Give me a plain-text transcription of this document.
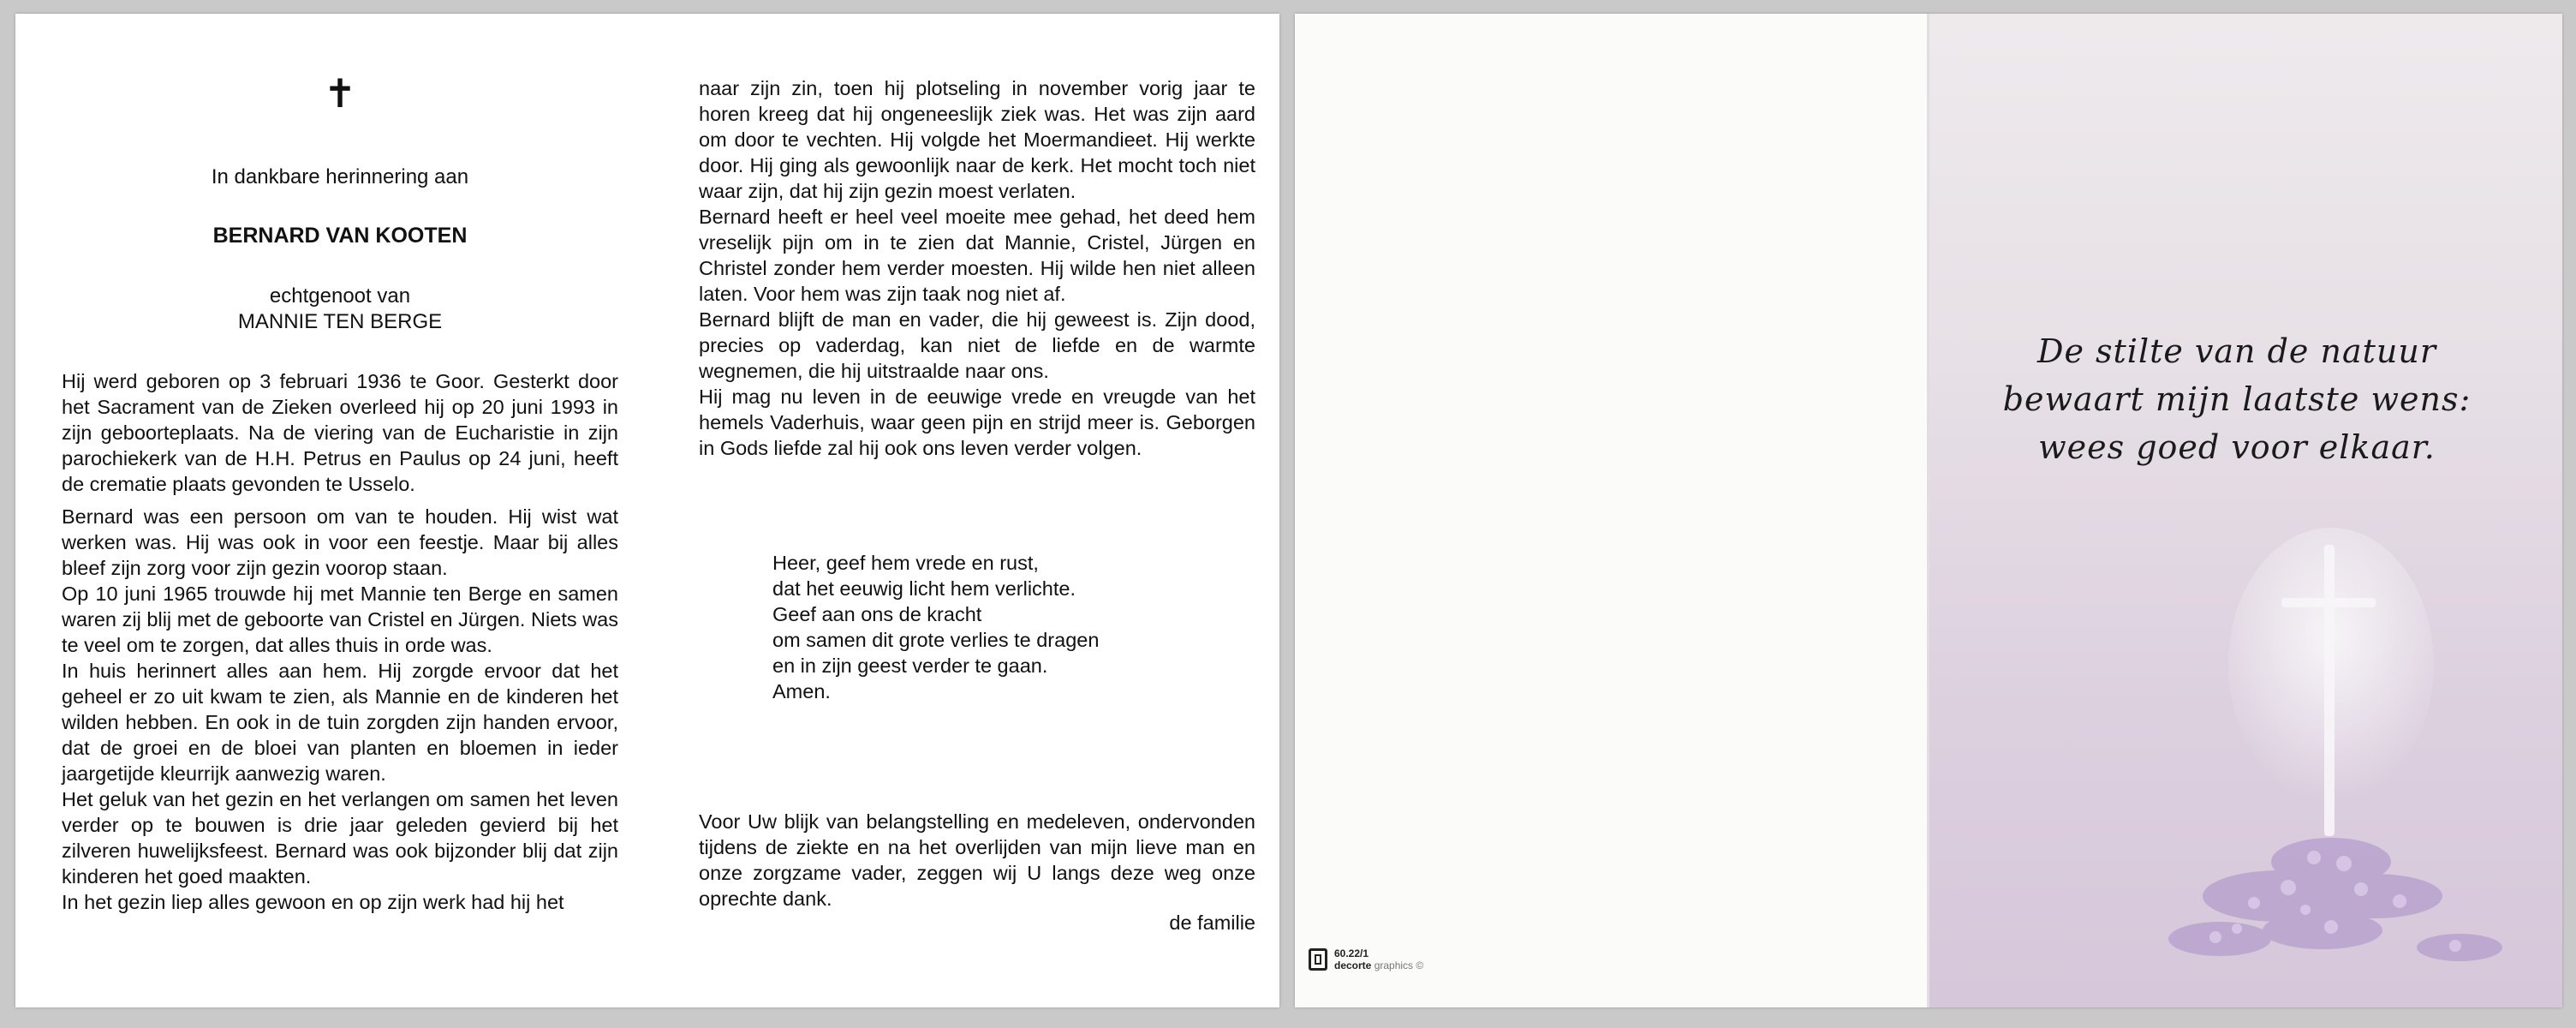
✝
In dankbare herinnering aan
BERNARD VAN KOOTEN
echtgenoot van
MANNIE TEN BERGE

Hij werd geboren op 3 februari 1936 te Goor. Gesterkt door het Sacrament van de Zieken overleed hij op 20 juni 1993 in zijn geboorteplaats. Na de viering van de Eucharistie in zijn parochiekerk van de H.H. Petrus en Paulus op 24 juni, heeft de crematie plaats gevonden te Usselo.

Bernard was een persoon om van te houden. Hij wist wat werken was. Hij was ook in voor een feestje. Maar bij alles bleef zijn zorg voor zijn gezin voorop staan.
Op 10 juni 1965 trouwde hij met Mannie ten Berge en samen waren zij blij met de geboorte van Cristel en Jürgen. Niets was te veel om te zorgen, dat alles thuis in orde was.
In huis herinnert alles aan hem. Hij zorgde ervoor dat het geheel er zo uit kwam te zien, als Mannie en de kinderen het wilden hebben. En ook in de tuin zorgden zijn handen ervoor, dat de groei en de bloei van planten en bloemen in ieder jaargetijde kleurrijk aanwezig waren.
Het geluk van het gezin en het verlangen om samen het leven verder op te bouwen is drie jaar geleden gevierd bij het zilveren huwelijksfeest. Bernard was ook bijzonder blij dat zijn kinderen het goed maakten.
In het gezin liep alles gewoon en op zijn werk had hij het
naar zijn zin, toen hij plotseling in november vorig jaar te horen kreeg dat hij ongeneeslijk ziek was. Het was zijn aard om door te vechten. Hij volgde het Moermandieet. Hij werkte door. Hij ging als gewoonlijk naar de kerk. Het mocht toch niet waar zijn, dat hij zijn gezin moest verlaten.
Bernard heeft er heel veel moeite mee gehad, het deed hem vreselijk pijn om in te zien dat Mannie, Cristel, Jürgen en Christel zonder hem verder moesten. Hij wilde hen niet alleen laten. Voor hem was zijn taak nog niet af.
Bernard blijft de man en vader, die hij geweest is. Zijn dood, precies op vaderdag, kan niet de liefde en de warmte wegnemen, die hij uitstraalde naar ons.
Hij mag nu leven in de eeuwige vrede en vreugde van het hemels Vaderhuis, waar geen pijn en strijd meer is. Geborgen in Gods liefde zal hij ook ons leven verder volgen.
Heer, geef hem vrede en rust,
dat het eeuwig licht hem verlichte.
Geef aan ons de kracht
om samen dit grote verlies te dragen
en in zijn geest verder te gaan.
Amen.

Voor Uw blijk van belangstelling en medeleven, ondervonden tijdens de ziekte en na het overlijden van mijn lieve man en onze zorgzame vader, zeggen wij U langs deze weg onze oprechte dank.

de familie
De stilte van de natuur
bewaart mijn laatste wens:
wees goed voor elkaar.
60.22/1
decorte graphics ©
